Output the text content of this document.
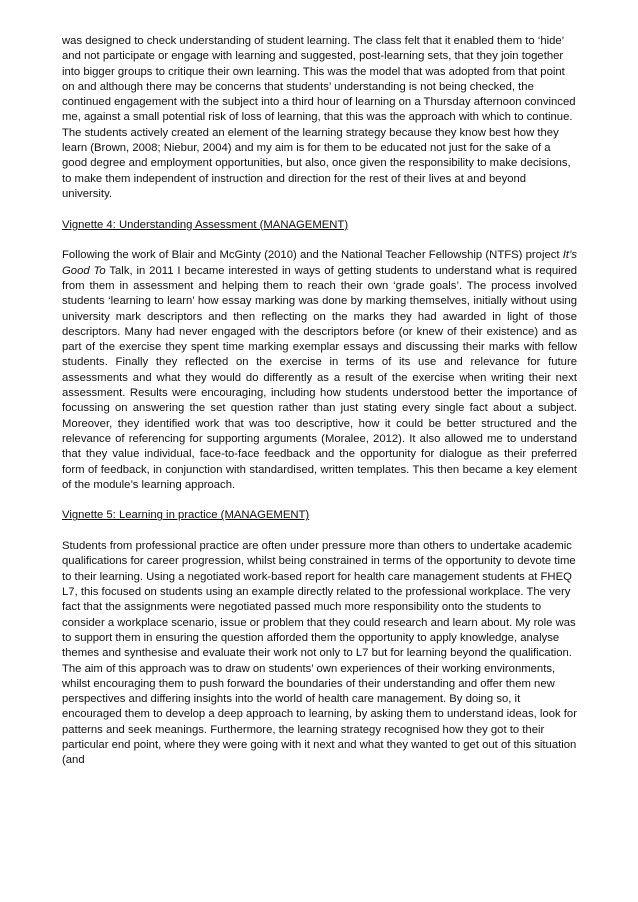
was designed to check understanding of student learning. The class felt that it enabled them to ‘hide’ and not participate or engage with learning and suggested, post-learning sets, that they join together into bigger groups to critique their own learning. This was the model that was adopted from that point on and although there may be concerns that students’ understanding is not being checked, the continued engagement with the subject into a third hour of learning on a Thursday afternoon convinced me, against a small potential risk of loss of learning, that this was the approach with which to continue. The students actively created an element of the learning strategy because they know best how they learn (Brown, 2008; Niebur, 2004) and my aim is for them to be educated not just for the sake of a good degree and employment opportunities, but also, once given the responsibility to make decisions, to make them independent of instruction and direction for the rest of their lives at and beyond university.

Vignette 4: Understanding Assessment (MANAGEMENT)

Following the work of Blair and McGinty (2010) and the National Teacher Fellowship (NTFS) project It’s Good To Talk, in 2011 I became interested in ways of getting students to understand what is required from them in assessment and helping them to reach their own ‘grade goals’. The process involved students ‘learning to learn’ how essay marking was done by marking themselves, initially without using university mark descriptors and then reflecting on the marks they had awarded in light of those descriptors. Many had never engaged with the descriptors before (or knew of their existence) and as part of the exercise they spent time marking exemplar essays and discussing their marks with fellow students. Finally they reflected on the exercise in terms of its use and relevance for future assessments and what they would do differently as a result of the exercise when writing their next assessment. Results were encouraging, including how students understood better the importance of focussing on answering the set question rather than just stating every single fact about a subject. Moreover, they identified work that was too descriptive, how it could be better structured and the relevance of referencing for supporting arguments (Moralee, 2012). It also allowed me to understand that they value individual, face-to-face feedback and the opportunity for dialogue as their preferred form of feedback, in conjunction with standardised, written templates. This then became a key element of the module’s learning approach.

Vignette 5: Learning in practice (MANAGEMENT)

Students from professional practice are often under pressure more than others to undertake academic qualifications for career progression, whilst being constrained in terms of the opportunity to devote time to their learning. Using a negotiated work-based report for health care management students at FHEQ L7, this focused on students using an example directly related to the professional workplace. The very fact that the assignments were negotiated passed much more responsibility onto the students to consider a workplace scenario, issue or problem that they could research and learn about. My role was to support them in ensuring the question afforded them the opportunity to apply knowledge, analyse themes and synthesise and evaluate their work not only to L7 but for learning beyond the qualification. The aim of this approach was to draw on students’ own experiences of their working environments, whilst encouraging them to push forward the boundaries of their understanding and offer them new perspectives and differing insights into the world of health care management. By doing so, it encouraged them to develop a deep approach to learning, by asking them to understand ideas, look for patterns and seek meanings. Furthermore, the learning strategy recognised how they got to their particular end point, where they were going with it next and what they wanted to get out of this situation (and
